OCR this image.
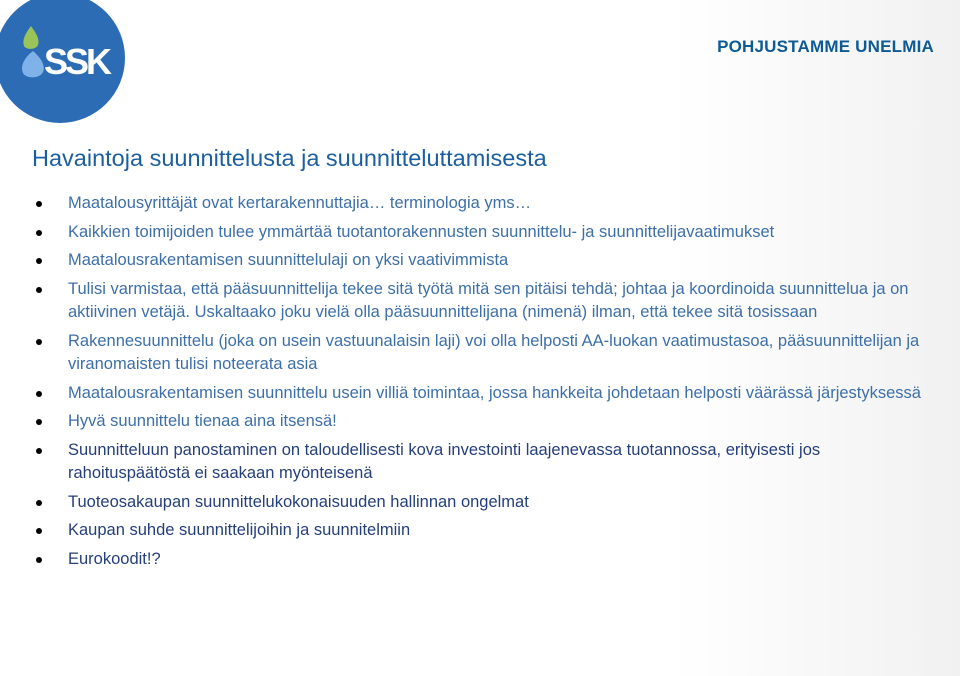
SSK	POHJUSTAMME UNELMIA
Havaintoja suunnittelusta ja suunnitteluttamisesta
Maatalousyrittäjät ovat kertarakennuttajia… terminologia yms…
Kaikkien toimijoiden tulee ymmärtää tuotantorakennusten suunnittelu- ja suunnittelijavaatimukset
Maatalousrakentamisen suunnittelulaji on yksi vaativimmista
Tulisi varmistaa, että pääsuunnittelija tekee sitä työtä mitä sen pitäisi tehdä; johtaa ja koordinoida suunnittelua ja on aktiivinen vetäjä. Uskaltaako joku vielä olla pääsuunnittelijana (nimenä) ilman, että tekee sitä tosissaan
Rakennesuunnittelu (joka on usein vastuunalaisin laji) voi olla helposti AA-luokan vaatimustasoa, pääsuunnittelijan ja viranomaisten tulisi noteerata asia
Maatalousrakentamisen suunnittelu usein villiä toimintaa, jossa hankkeita johdetaan helposti väärässä järjestyksessä
Hyvä suunnittelu tienaa aina itsensä!
Suunnitteluun panostaminen on taloudellisesti kova investointi laajenevassa tuotannossa, erityisesti jos rahoituspäätöstä ei saakaan myönteisenä
Tuoteosakaupan suunnittelukokonaisuuden hallinnan ongelmat
Kaupan suhde suunnittelijoihin ja suunnitelmiin
Eurokoodit!?
